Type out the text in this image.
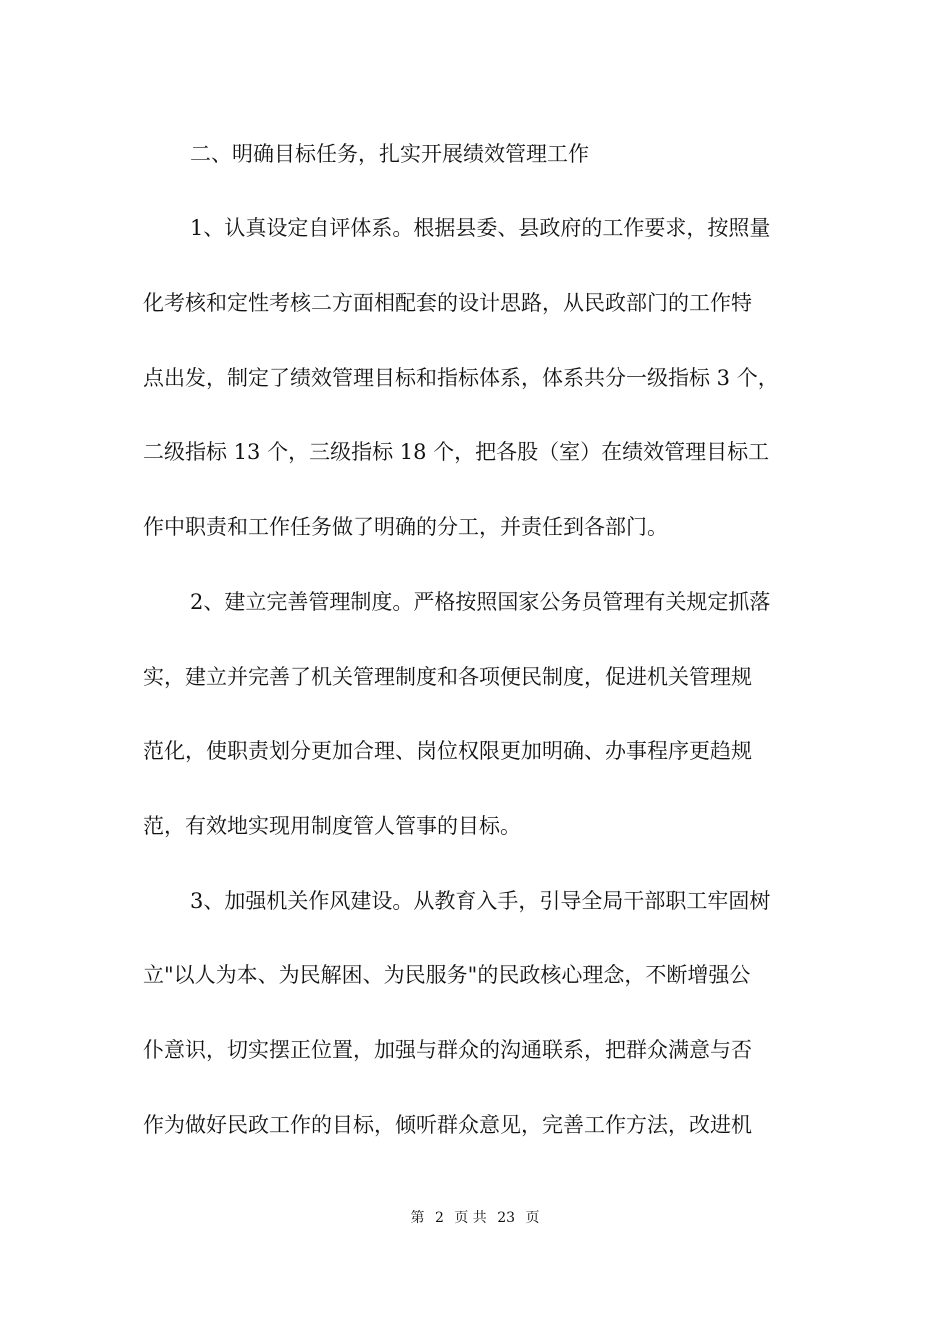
二、明确目标任务，扎实开展绩效管理工作
1、认真设定自评体系。根据县委、县政府的工作要求，按照量
化考核和定性考核二方面相配套的设计思路，从民政部门的工作特
点出发，制定了绩效管理目标和指标体系，体系共分一级指标 3 个，
二级指标 13 个，三级指标 18 个，把各股（室）在绩效管理目标工
作中职责和工作任务做了明确的分工，并责任到各部门。
2、建立完善管理制度。严格按照国家公务员管理有关规定抓落
实，建立并完善了机关管理制度和各项便民制度，促进机关管理规
范化，使职责划分更加合理、岗位权限更加明确、办事程序更趋规
范，有效地实现用制度管人管事的目标。
3、加强机关作风建设。从教育入手，引导全局干部职工牢固树
立"以人为本、为民解困、为民服务"的民政核心理念，不断增强公
仆意识，切实摆正位置，加强与群众的沟通联系，把群众满意与否
作为做好民政工作的目标，倾听群众意见，完善工作方法，改进机
第 2 页 共 23 页
